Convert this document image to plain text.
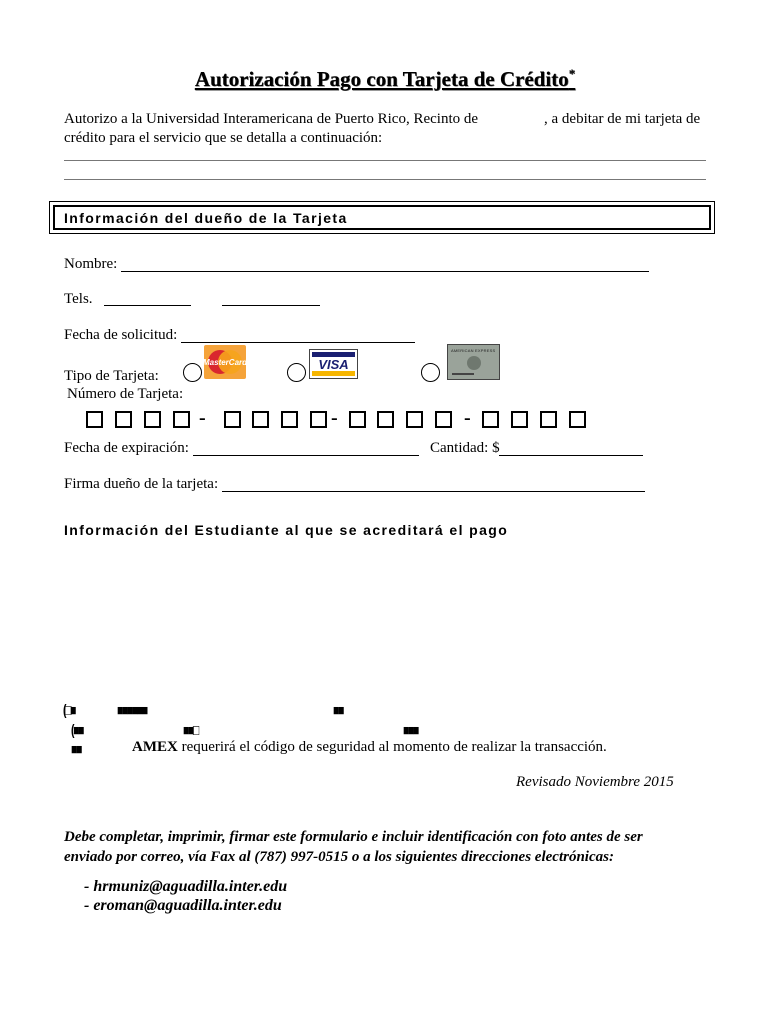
Autorización Pago con Tarjeta de Crédito*
Autorizo a la Universidad Interamericana de Puerto Rico, Recinto de	, a debitar de mi tarjeta de
crédito para el servicio que se detalla a continuación:
Información del dueño de la Tarjeta
Nombre:
Tels.
Fecha de solicitud:
Tipo de Tarjeta:
Número de Tarjeta:
MasterCard	VISA
AMERICAN EXPRESS
-	-	-
Fecha de expiración:	Cantidad: $
Firma dueño de la tarjeta:
Información del Estudiante al que se acreditará el pago
(□■	■■■■■■	■■
(■■	■■□	■■■
■■	AMEX requerirá el código de seguridad al momento de realizar la transacción.
Revisado Noviembre 2015
Debe completar, imprimir, firmar este formulario e incluir identificación con foto antes de ser
enviado por correo, vía Fax al (787) 997-0515 o a los siguientes direcciones electrónicas:
- hrmuniz@aguadilla.inter.edu
- eroman@aguadilla.inter.edu
